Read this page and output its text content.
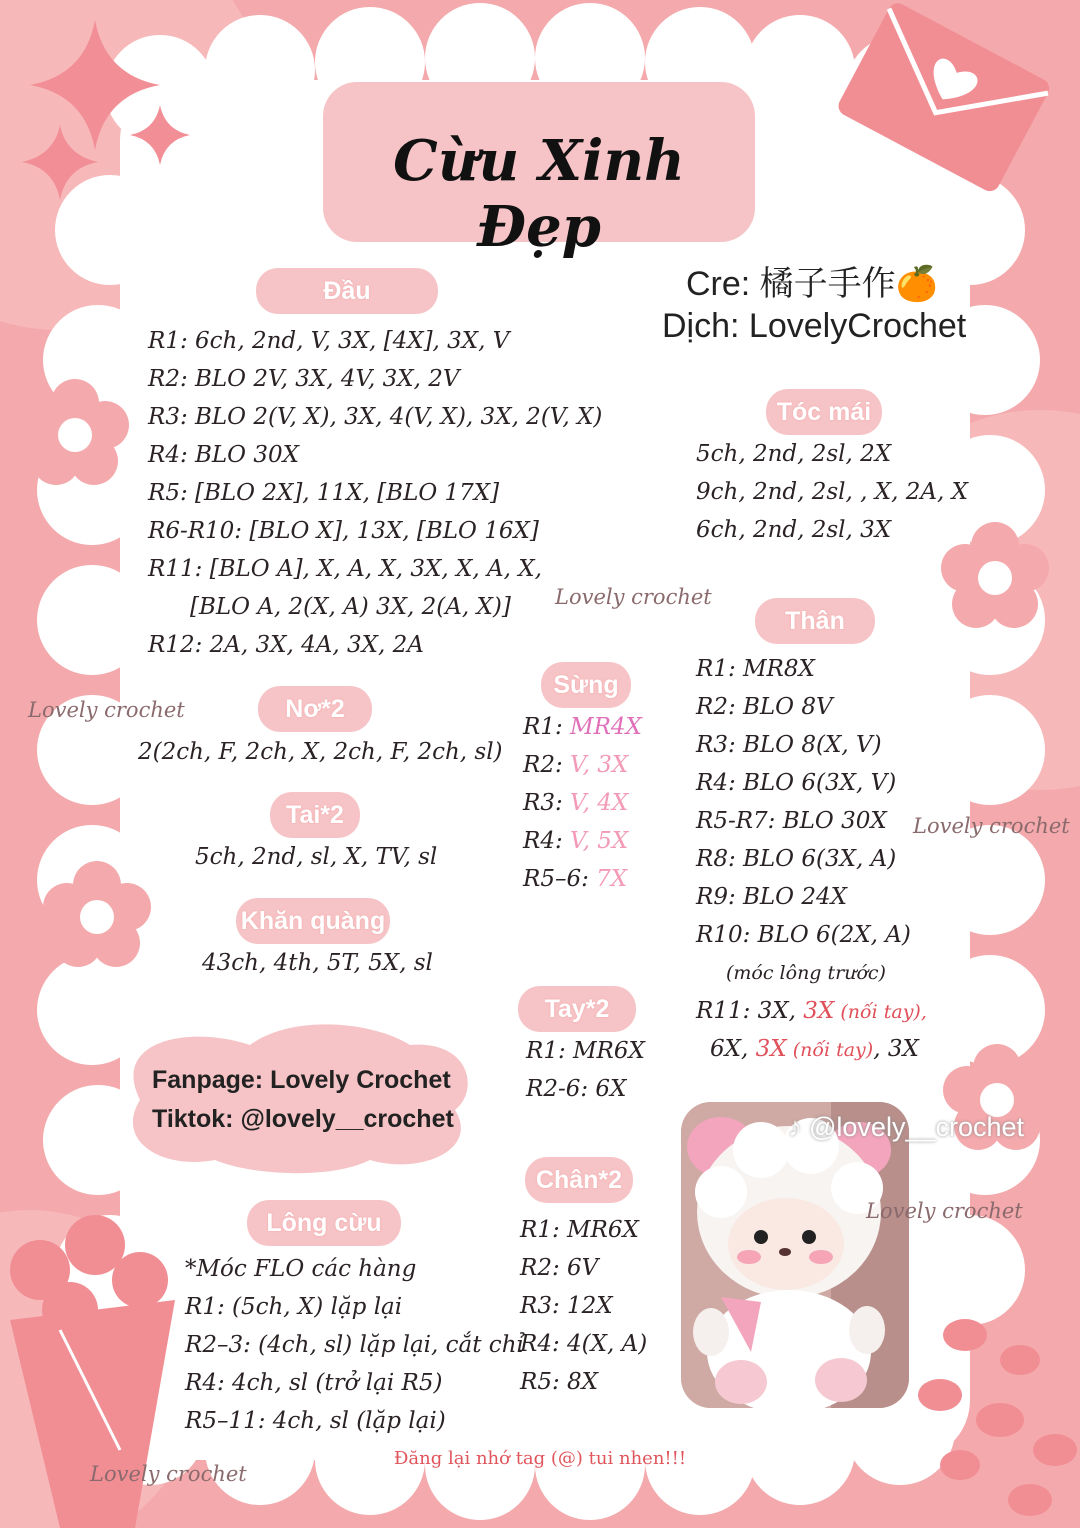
Cừu Xinh Đẹp
Cre: 橘子手作🍊
Dịch: LovelyCrochet
Đầu
R1: 6ch, 2nd, V, 3X, [4X], 3X, V
R2: BLO 2V, 3X, 4V, 3X, 2V
R3: BLO 2(V, X), 3X, 4(V, X), 3X, 2(V, X)
R4: BLO 30X
R5: [BLO 2X], 11X, [BLO 17X]
R6-R10: [BLO X], 13X, [BLO 16X]
R11: [BLO A], X, A, X, 3X, X, A, X,
[BLO A, 2(X, A) 3X, 2(A, X)]
R12: 2A, 3X, 4A, 3X, 2A
Nơ*2
2(2ch, F, 2ch, X, 2ch, F, 2ch, sl)
Tai*2
5ch, 2nd, sl, X, TV, sl
Khăn quàng
43ch, 4th, 5T, 5X, sl
Fanpage: Lovely Crochet
Tiktok: @lovely__crochet
Lông cừu
*Móc FLO các hàng
R1: (5ch, X) lặp lại
R2–3: (4ch, sl) lặp lại, cắt chỉ
R4: 4ch, sl (trở lại R5)
R5–11: 4ch, sl (lặp lại)
Sừng
R1: MR4X
R2: V, 3X
R3: V, 4X
R4: V, 5X
R5–6: 7X
Tay*2
R1: MR6X
R2-6: 6X
Chân*2
R1: MR6X
R2: 6V
R3: 12X
R4: 4(X, A)
R5: 8X
Tóc mái
5ch, 2nd, 2sl, 2X
9ch, 2nd, 2sl, , X, 2A, X
6ch, 2nd, 2sl, 3X
Thân
R1: MR8X
R2: BLO 8V
R3: BLO 8(X, V)
R4: BLO 6(3X, V)
R5-R7: BLO 30X
R8: BLO 6(3X, A)
R9: BLO 24X
R10: BLO 6(2X, A)
(móc lông trước)
R11: 3X, 3X (nối tay),
6X, 3X (nối tay), 3X
♪ @lovely__crochet
Lovely crochet
Lovely crochet
Lovely crochet
Lovely crochet
Lovely crochet
Đăng lại nhớ tag (@) tui nhen!!!
